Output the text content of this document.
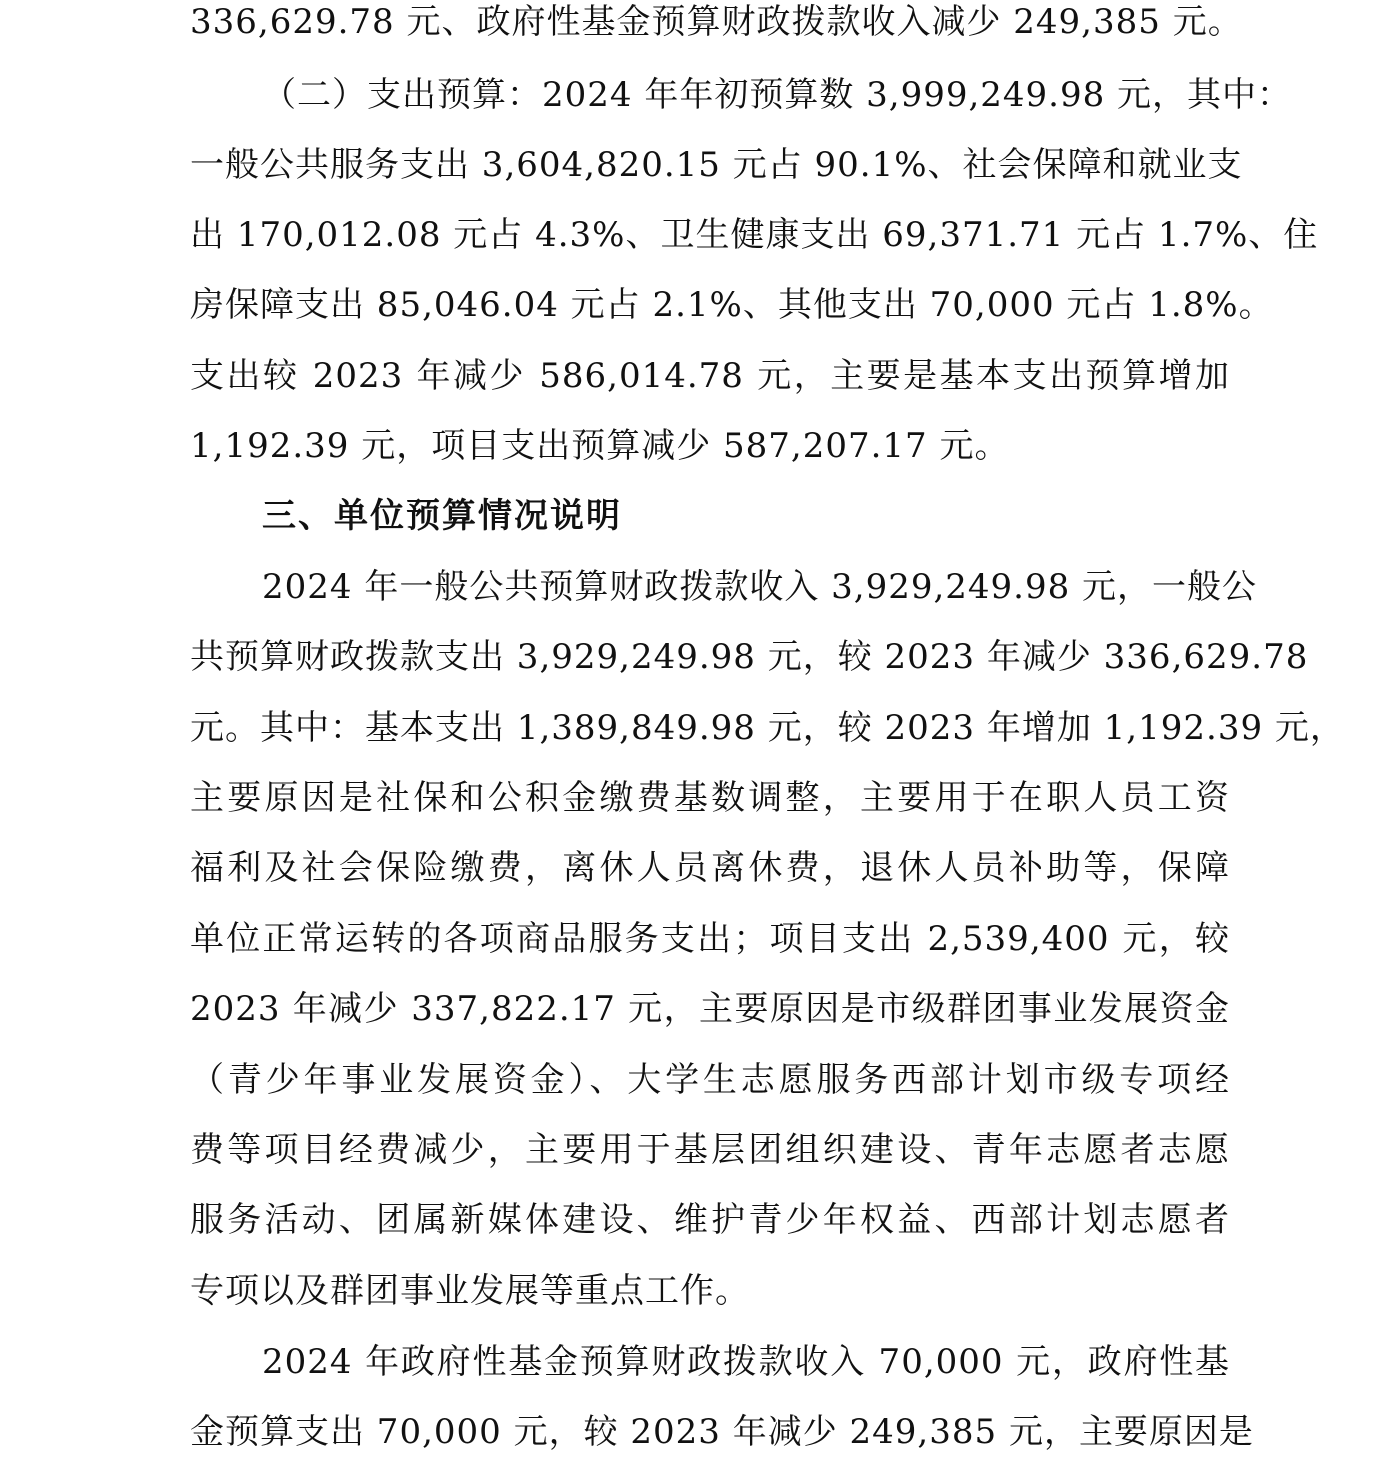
336,629.78 元、政府性基金预算财政拨款收入减少 249,385 元。
（二）支出预算：2024 年年初预算数 3,999,249.98 元，其中：
一般公共服务支出 3,604,820.15 元占 90.1%、社会保障和就业支
出 170,012.08 元占 4.3%、卫生健康支出 69,371.71 元占 1.7%、住
房保障支出 85,046.04 元占 2.1%、其他支出 70,000 元占 1.8%。
支出较 2023 年减少 586,014.78 元，主要是基本支出预算增加
1,192.39 元，项目支出预算减少 587,207.17 元。
三、单位预算情况说明
2024 年一般公共预算财政拨款收入 3,929,249.98 元，一般公
共预算财政拨款支出 3,929,249.98 元，较 2023 年减少 336,629.78
元。其中：基本支出 1,389,849.98 元，较 2023 年增加 1,192.39 元，
主要原因是社保和公积金缴费基数调整，主要用于在职人员工资
福利及社会保险缴费，离休人员离休费，退休人员补助等，保障
单位正常运转的各项商品服务支出；项目支出 2,539,400 元，较
2023 年减少 337,822.17 元，主要原因是市级群团事业发展资金
（青少年事业发展资金）、大学生志愿服务西部计划市级专项经
费等项目经费减少，主要用于基层团组织建设、青年志愿者志愿
服务活动、团属新媒体建设、维护青少年权益、西部计划志愿者
专项以及群团事业发展等重点工作。
2024 年政府性基金预算财政拨款收入 70,000 元，政府性基
金预算支出 70,000 元，较 2023 年减少 249,385 元，主要原因是
